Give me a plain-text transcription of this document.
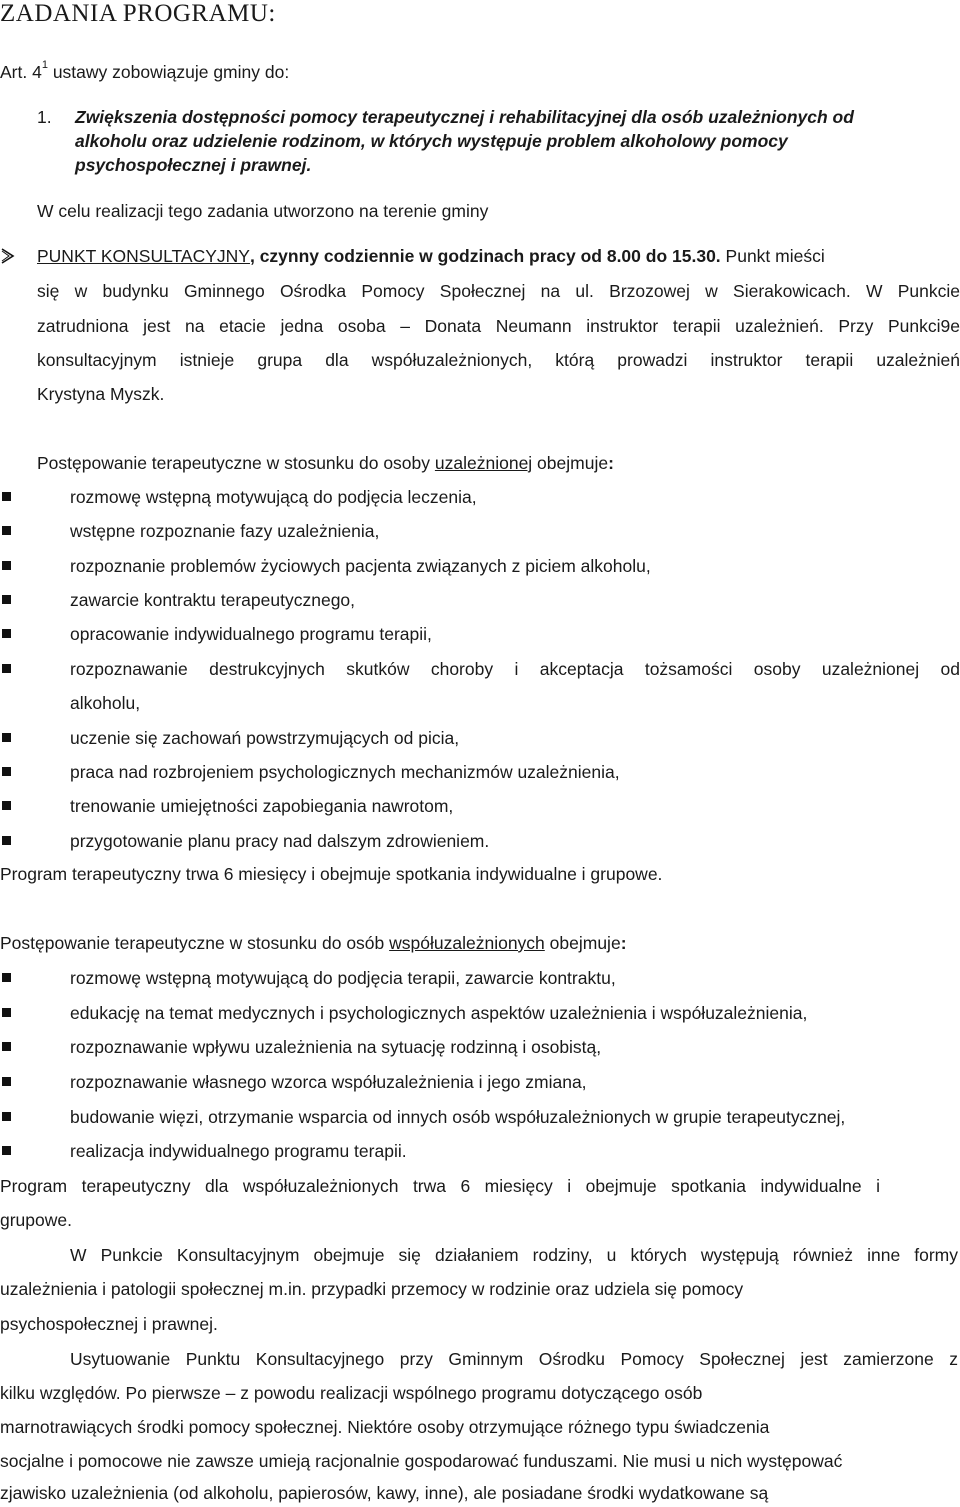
ZADANIA PROGRAMU:
Art. $4^1$ ustawy zobowiązuje gminy do:
1. Zwiększenia dostępności pomocy terapeutycznej i rehabilitacyjnej dla osób uzależnionych od
alkoholu oraz udzielenie rodzinom, w których występuje problem alkoholowy pomocy
psychospołecznej i prawnej.
W celu realizacji tego zadania utworzono na terenie gminy
PUNKT KONSULTACYJNY, czynny codziennie w godzinach pracy od 8.00 do 15.30. Punkt mieści
się w budynku Gminnego Ośrodka Pomocy Społecznej na ul. Brzozowej w Sierakowicach. W Punkcie
zatrudniona jest na etacie jedna osoba – Donata Neumann instruktor terapii uzależnień. Przy Punkci9e
konsultacyjnym istnieje grupa dla współuzależnionych, którą prowadzi instruktor terapii uzależnień
Krystyna Myszk.
Postępowanie terapeutyczne w stosunku do osoby uzależnionej obejmuje:
rozmowę wstępną motywującą do podjęcia leczenia,
wstępne rozpoznanie fazy uzależnienia,
rozpoznanie problemów życiowych pacjenta związanych z piciem alkoholu,
zawarcie kontraktu terapeutycznego,
opracowanie indywidualnego programu terapii,
rozpoznawanie destrukcyjnych skutków choroby i akceptacja tożsamości osoby uzależnionej od
alkoholu,
uczenie się zachowań powstrzymujących od picia,
praca nad rozbrojeniem psychologicznych mechanizmów uzależnienia,
trenowanie umiejętności zapobiegania nawrotom,
przygotowanie planu pracy nad dalszym zdrowieniem.
Program terapeutyczny trwa 6 miesięcy i obejmuje spotkania indywidualne i grupowe.
Postępowanie terapeutyczne w stosunku do osób współuzależnionych obejmuje:
rozmowę wstępną motywującą do podjęcia terapii, zawarcie kontraktu,
edukację na temat medycznych i psychologicznych aspektów uzależnienia i współuzależnienia,
rozpoznawanie wpływu uzależnienia na sytuację rodzinną i osobistą,
rozpoznawanie własnego wzorca współuzależnienia i jego zmiana,
budowanie więzi, otrzymanie wsparcia od innych osób współuzależnionych w grupie terapeutycznej,
realizacja indywidualnego programu terapii.
Program terapeutyczny dla współuzależnionych trwa 6 miesięcy i obejmuje spotkania indywidualne i
grupowe.
W Punkcie Konsultacyjnym obejmuje się działaniem rodziny, u których występują również inne formy
uzależnienia i patologii społecznej m.in. przypadki przemocy w rodzinie oraz udziela się pomocy
psychospołecznej i prawnej.
Usytuowanie Punktu Konsultacyjnego przy Gminnym Ośrodku Pomocy Społecznej jest zamierzone z
kilku względów. Po pierwsze – z powodu realizacji wspólnego programu dotyczącego osób
marnotrawiących środki pomocy społecznej. Niektóre osoby otrzymujące różnego typu świadczenia
socjalne i pomocowe nie zawsze umieją racjonalnie gospodarować funduszami. Nie musi u nich występować
zjawisko uzależnienia (od alkoholu, papierosów, kawy, inne), ale posiadane środki wydatkowane są
